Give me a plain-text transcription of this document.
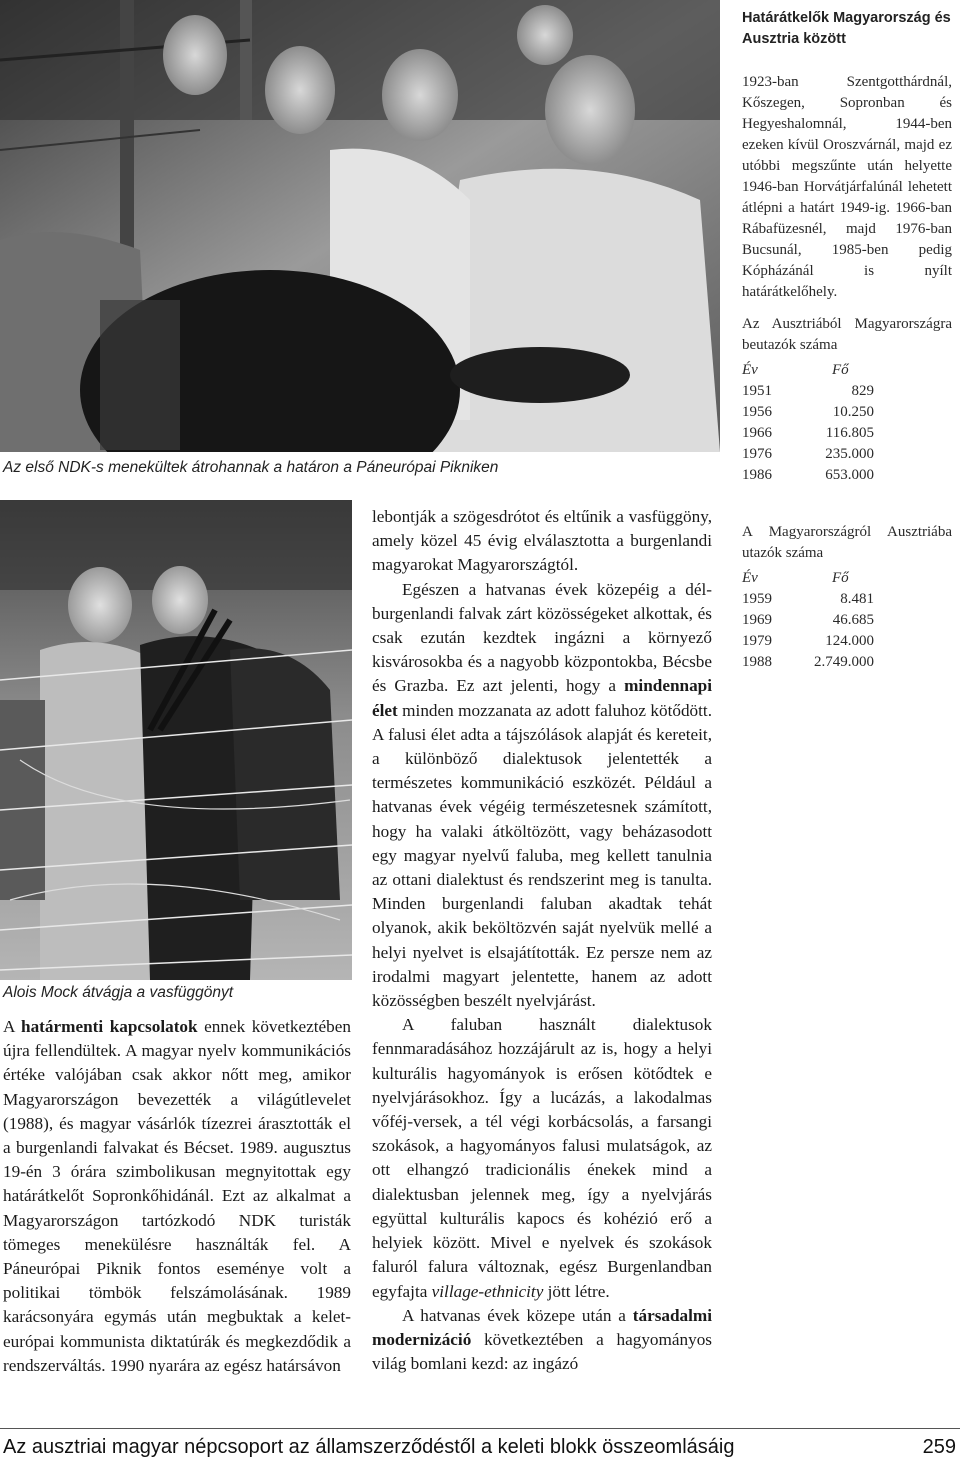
Az első NDK-s menekültek átrohannak a határon a Páneurópai Pikniken
Alois Mock átvágja a vasfüggönyt

A határmenti kapcsolatok ennek következtében újra fellendültek. A magyar nyelv kommunikációs értéke valójában csak akkor nőtt meg, amikor Magyarországon bevezették a világútlevelet (1988), és magyar vásárlók tízezrei árasztották el a burgenlandi falvakat és Bécset. 1989. augusztus 19-én 3 órára szimbolikusan megnyitottak egy határátkelőt Sopronkőhidánál. Ezt az alkalmat a Magyarországon tartózkodó NDK turisták tömeges menekülésre használták fel. A Páneurópai Piknik fontos eseménye volt a politikai tömbök felszámolásának. 1989 karácsonyára egymás után megbuktak a kelet-európai kommunista diktatúrák és megkezdődik a rendszerváltás. 1990 nyarára az egész határsávon

lebontják a szögesdrótot és eltűnik a vasfüggöny, amely közel 45 évig elválasztotta a burgenlandi magyarokat Magyarországtól.

Egészen a hatvanas évek közepéig a dél-burgenlandi falvak zárt közösségeket alkottak, és csak ezután kezdtek ingázni a környező kisvárosokba és a nagyobb központokba, Bécsbe és Grazba. Ez azt jelenti, hogy a mindennapi élet minden mozzanata az adott faluhoz kötődött. A falusi élet adta a tájszólások alapját és kereteit, a különböző dialektusok jelentették a természetes kommunikáció eszközét. Például a hatvanas évek végéig természetesnek számított, hogy ha valaki átköltözött, vagy beházasodott egy magyar nyelvű faluba, meg kellett tanulnia az ottani dialektust és rendszerint meg is tanulta. Minden burgenlandi faluban akadtak tehát olyanok, akik beköltözvén saját nyelvük mellé a helyi nyelvet is elsajátították. Ez persze nem az irodalmi magyart jelentette, hanem az adott közösségben beszélt nyelvjárást.

A faluban használt dialektusok fennmaradásához hozzájárult az is, hogy a helyi kulturális hagyományok is erősen kötődtek e nyelvjárásokhoz. Így a lucázás, a lakodalmas vőféj-versek, a tél végi korbácsolás, a farsangi szokások, a hagyományos falusi mulatságok, az ott elhangzó tradicionális énekek mind a dialektusban jelennek meg, így a nyelvjárás együttal kulturális kapocs és kohézió erő a helyiek között. Mivel e nyelvek és szokások faluról falura változnak, egész Burgenlandban egyfajta village-ethnicity jött létre.

A hatvanas évek közepe után a társadalmi modernizáció következtében a hagyományos világ bomlani kezd: az ingázó

Határátkelők Magyarország és Ausztria között
1923-ban Szentgotthárdnál, Kőszegen, Sopronban és Hegyeshalomnál, 1944-ben ezeken kívül Oroszvárnál, majd ez utóbbi megszűnte után helyette 1946-ban Horvátjárfalúnál lehetett átlépni a határt 1949-ig. 1966-ban Rábafüzesnél, majd 1976-ban Bucsunál, 1985-ben pedig Kópházánál is nyílt határátkelőhely.
Az Ausztriából Magyarországra beutazók száma
Év	Fő
1951	829
1956	10.250
1966	116.805
1976	235.000
1986	653.000
A Magyarországról Ausztriába utazók száma
Év	Fő
1959	8.481
1969	46.685
1979	124.000
1988	2.749.000
Az ausztriai magyar népcsoport az államszerződéstől a keleti blokk összeomlásáig	259
